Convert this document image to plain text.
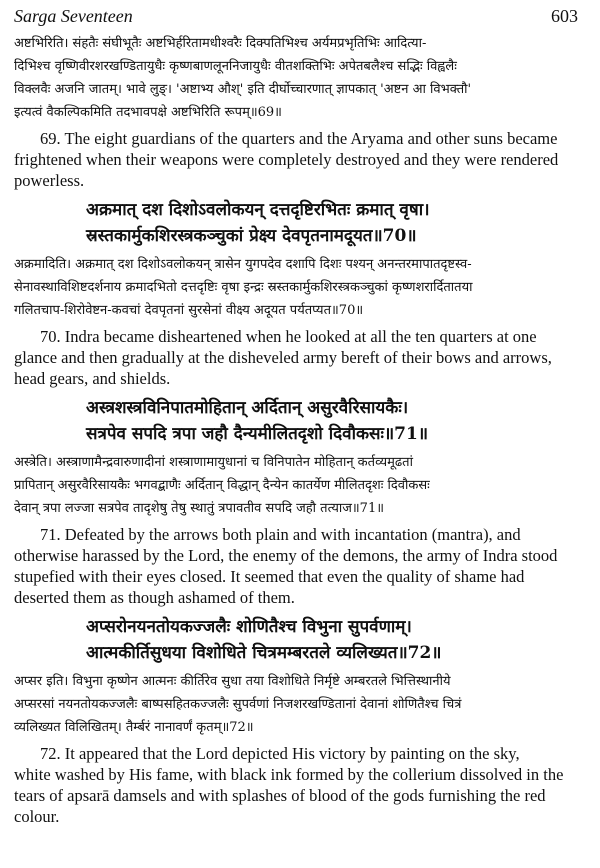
Sarga Seventeen	603

अष्टभिरिति। संहतैः संघीभूतैः अष्टभिर्हरितामधीश्वरैः दिक्पतिभिश्च अर्यमप्रभृतिभिः आदित्या-

दिभिश्च वृष्णिवीरशरखण्डितायुधैः कृष्णबाणलूननिजायुधैः वीतशक्तिभिः अपेतबलैश्च सद्भिः विह्वलैः

विक्लवैः अजनि जातम्। भावे लुङ्। 'अष्टाभ्य औश्' इति दीर्घोच्चारणात् ज्ञापकात् 'अष्टन आ विभक्तौ'

इत्यत्वं वैकल्पिकमिति तदभावपक्षे अष्टभिरिति रूपम्॥69॥

69. The eight guardians of the quarters and the Aryama and other suns became
frightened when their weapons were completely destroyed and they were rendered
powerless.
अक्रमात् दश दिशोऽवलोकयन् दत्तदृष्टिरभितः क्रमात् वृषा।
स्रस्तकार्मुकशिरस्त्रकञ्चुकां प्रेक्ष्य देवपृतनामदूयत॥70॥

अक्रमादिति। अक्रमात् दश दिशोऽवलोकयन् त्रासेन युगपदेव दशापि दिशः पश्यन् अनन्तरमापातदृष्टस्व-

सेनावस्थाविशिष्टदर्शनाय क्रमादभितो दत्तदृष्टिः वृषा इन्द्रः स्रस्तकार्मुकशिरस्त्रकञ्चुकां कृष्णशरार्दितातया

गलितचाप-शिरोवेष्टन-कवचां देवपृतनां सुरसेनां वीक्ष्य अदूयत पर्यतप्यत॥70॥

70. Indra became disheartened when he looked at all the ten quarters at one
glance and then gradually at the disheveled army bereft of their bows and arrows,
head gears, and shields.
अस्त्रशस्त्रविनिपातमोहितान् अर्दितान् असुरवैरिसायकैः।
सत्रपेव सपदि त्रपा जहौ दैन्यमीलितदृशो दिवौकसः॥71॥

अस्त्रेति। अस्त्राणामैन्द्रवारुणादीनां शस्त्राणामायुधानां च विनिपातेन मोहितान् कर्तव्यमूढतां

प्रापितान् असुरवैरिसायकैः भगवद्बाणैः अर्दितान् विद्धान् दैन्येन कातर्येण मीलितदृशः दिवौकसः

देवान् त्रपा लज्जा सत्रपेव तादृशेषु तेषु स्थातुं त्रपावतीव सपदि जहौ तत्याज॥71॥

71. Defeated by the arrows both plain and with incantation (mantra), and
otherwise harassed by the Lord, the enemy of the demons, the army of Indra stood
stupefied with their eyes closed. It seemed that even the quality of shame had
deserted them as though ashamed of them.
अप्सरोनयनतोयकज्जलैः शोणितैश्च विभुना सुपर्वणाम्।
आत्मकीर्तिसुधया विशोधिते चित्रमम्बरतले व्यलिख्यत॥72॥

अप्सर इति। विभुना कृष्णेन आत्मनः कीर्तिरेव सुधा तया विशोधिते निर्मृष्टे अम्बरतले भित्तिस्थानीये

अप्सरसां नयनतोयकज्जलैः बाष्पसहितकज्जलैः सुपर्वणां निजशरखण्डितानां देवानां शोणितैश्च चित्रं

व्यलिख्यत विलिखितम्। तैर्म्बरं नानावर्णं कृतम्॥72॥

72. It appeared that the Lord depicted His victory by painting on the sky,
white washed by His fame, with black ink formed by the collerium dissolved in the
tears of apsarā damsels and with splashes of blood of the gods furnishing the red
colour.
